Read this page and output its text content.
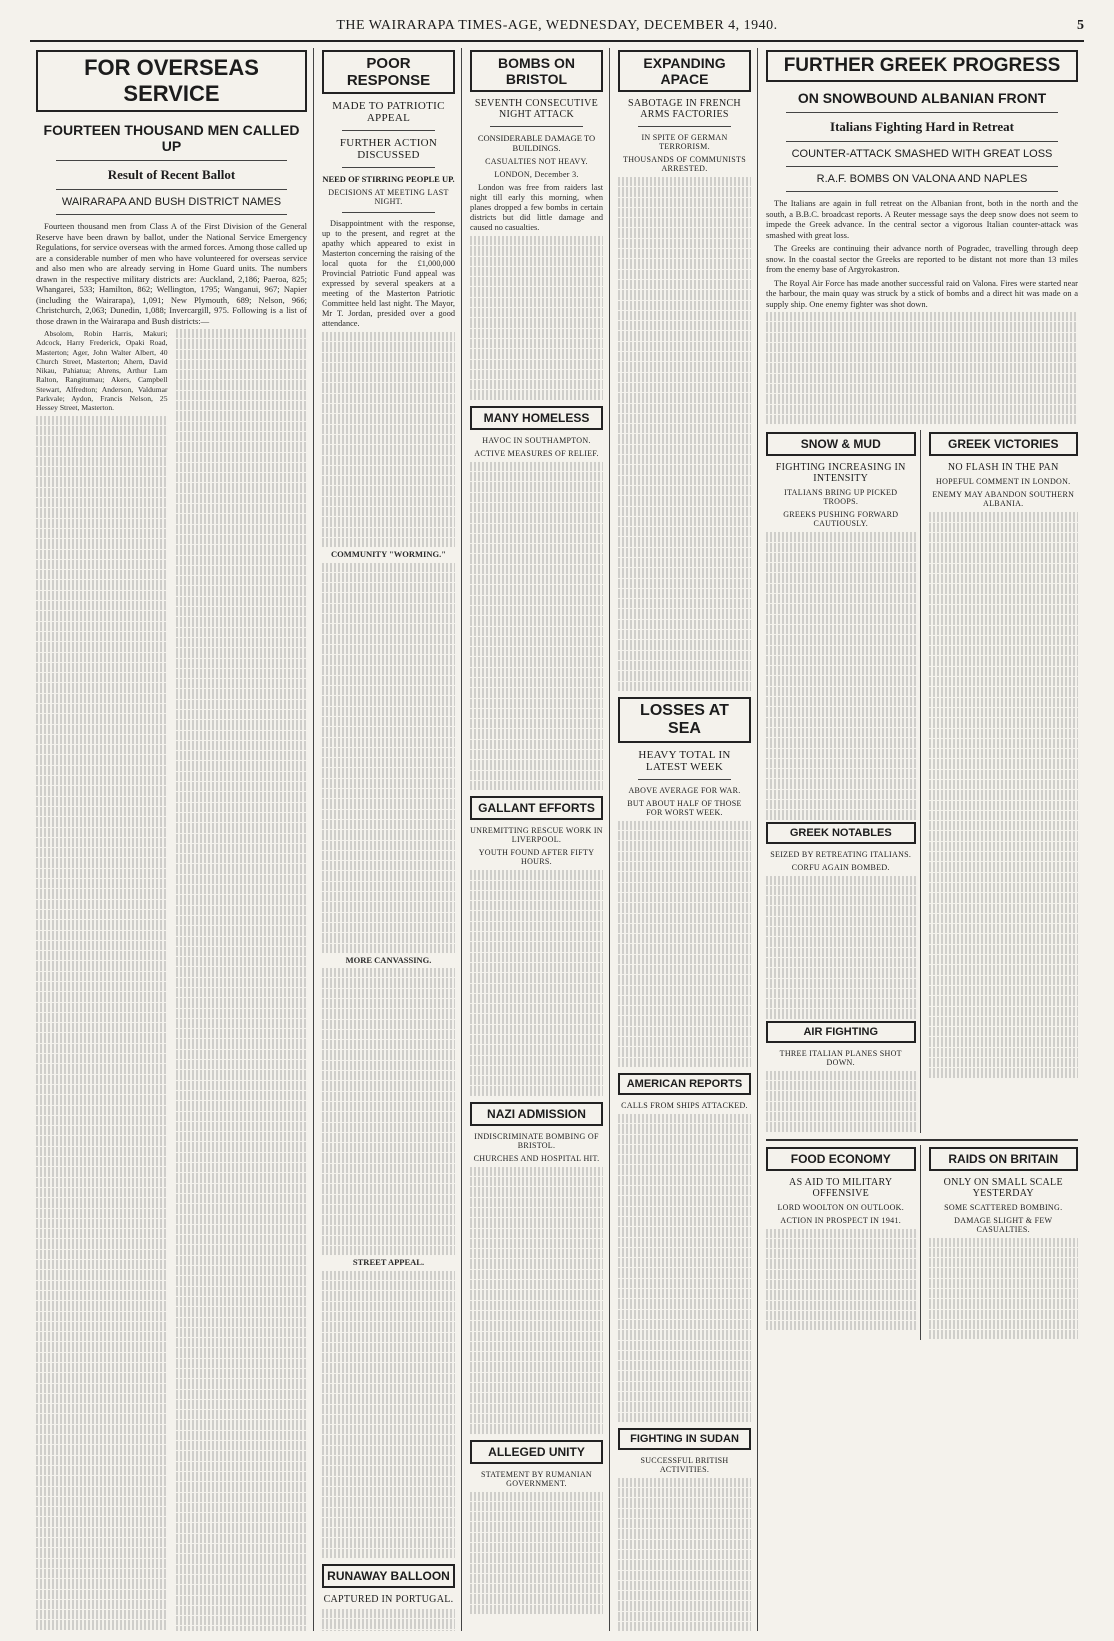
THE WAIRARAPA TIMES-AGE, WEDNESDAY, DECEMBER 4, 1940.	5
FOR OVERSEAS SERVICE
FOURTEEN THOUSAND MEN CALLED UP
Result of Recent Ballot
WAIRARAPA AND BUSH DISTRICT NAMES

Fourteen thousand men from Class A of the First Division of the General Reserve have been drawn by ballot, under the National Service Emergency Regulations, for service overseas with the armed forces. Among those called up are a considerable number of men who have volunteered for overseas service and also men who are already serving in Home Guard units. The numbers drawn in the respective military districts are: Auckland, 2,186; Paeroa, 825; Whangarei, 533; Hamilton, 862; Wellington, 1795; Wanganui, 967; Napier (including the Wairarapa), 1,091; New Plymouth, 689; Nelson, 966; Christchurch, 2,063; Dunedin, 1,088; Invercargill, 975. Following is a list of those drawn in the Wairarapa and Bush districts:—

Absolom, Robin Harris, Makuri; Adcock, Harry Frederick, Opaki Road, Masterton; Ager, John Walter Albert, 40 Church Street, Masterton; Ahern, David Nikau, Pahiatua; Ahrens, Arthur Lam Ralton, Rangitumau; Akers, Campbell Stewart, Alfredton; Anderson, Valdumar Parkvale; Aydon, Francis Nelson, 25 Hessey Street, Masterton.

POOR RESPONSE
MADE TO PATRIOTIC APPEAL
FURTHER ACTION DISCUSSED
NEED OF STIRRING PEOPLE UP.
DECISIONS AT MEETING LAST NIGHT.

Disappointment with the response, up to the present, and regret at the apathy which appeared to exist in Masterton concerning the raising of the local quota for the £1,000,000 Provincial Patriotic Fund appeal was expressed by several speakers at a meeting of the Masterton Patriotic Committee held last night. The Mayor, Mr T. Jordan, presided over a good attendance.

COMMUNITY "WORMING."
MORE CANVASSING.
STREET APPEAL.
RUNAWAY BALLOON
CAPTURED IN PORTUGAL.
BOMBS ON BRISTOL
SEVENTH CONSECUTIVE NIGHT ATTACK
CONSIDERABLE DAMAGE TO BUILDINGS.
CASUALTIES NOT HEAVY.
LONDON, December 3.

London was free from raiders last night till early this morning, when planes dropped a few bombs in certain districts but did little damage and caused no casualties.

MANY HOMELESS
HAVOC IN SOUTHAMPTON.
ACTIVE MEASURES OF RELIEF.
GALLANT EFFORTS
UNREMITTING RESCUE WORK IN LIVERPOOL.
YOUTH FOUND AFTER FIFTY HOURS.
NAZI ADMISSION
INDISCRIMINATE BOMBING OF BRISTOL.
CHURCHES AND HOSPITAL HIT.
ALLEGED UNITY
STATEMENT BY RUMANIAN GOVERNMENT.
EXPANDING APACE
SABOTAGE IN FRENCH ARMS FACTORIES
IN SPITE OF GERMAN TERRORISM.
THOUSANDS OF COMMUNISTS ARRESTED.
LOSSES AT SEA
HEAVY TOTAL IN LATEST WEEK
ABOVE AVERAGE FOR WAR.
BUT ABOUT HALF OF THOSE FOR WORST WEEK.
AMERICAN REPORTS
CALLS FROM SHIPS ATTACKED.
FIGHTING IN SUDAN
SUCCESSFUL BRITISH ACTIVITIES.
FURTHER GREEK PROGRESS
ON SNOWBOUND ALBANIAN FRONT
Italians Fighting Hard in Retreat
COUNTER-ATTACK SMASHED WITH GREAT LOSS
R.A.F. BOMBS ON VALONA AND NAPLES

The Italians are again in full retreat on the Albanian front, both in the north and the south, a B.B.C. broadcast reports. A Reuter message says the deep snow does not seem to impede the Greek advance. In the central sector a vigorous Italian counter-attack was smashed with great loss.

The Greeks are continuing their advance north of Pogradec, travelling through deep snow. In the coastal sector the Greeks are reported to be distant not more than 13 miles from the enemy base of Argyrokastron.

The Royal Air Force has made another successful raid on Valona. Fires were started near the harbour, the main quay was struck by a stick of bombs and a direct hit was made on a supply ship. One enemy fighter was shot down.

SNOW & MUD
FIGHTING INCREASING IN INTENSITY
ITALIANS BRING UP PICKED TROOPS.
GREEKS PUSHING FORWARD CAUTIOUSLY.
GREEK NOTABLES
SEIZED BY RETREATING ITALIANS.
CORFU AGAIN BOMBED.
AIR FIGHTING
THREE ITALIAN PLANES SHOT DOWN.
GREEK VICTORIES
NO FLASH IN THE PAN
HOPEFUL COMMENT IN LONDON.
ENEMY MAY ABANDON SOUTHERN ALBANIA.
FOOD ECONOMY
AS AID TO MILITARY OFFENSIVE
LORD WOOLTON ON OUTLOOK.
ACTION IN PROSPECT IN 1941.
RAIDS ON BRITAIN
ONLY ON SMALL SCALE YESTERDAY
SOME SCATTERED BOMBING.
DAMAGE SLIGHT & FEW CASUALTIES.
